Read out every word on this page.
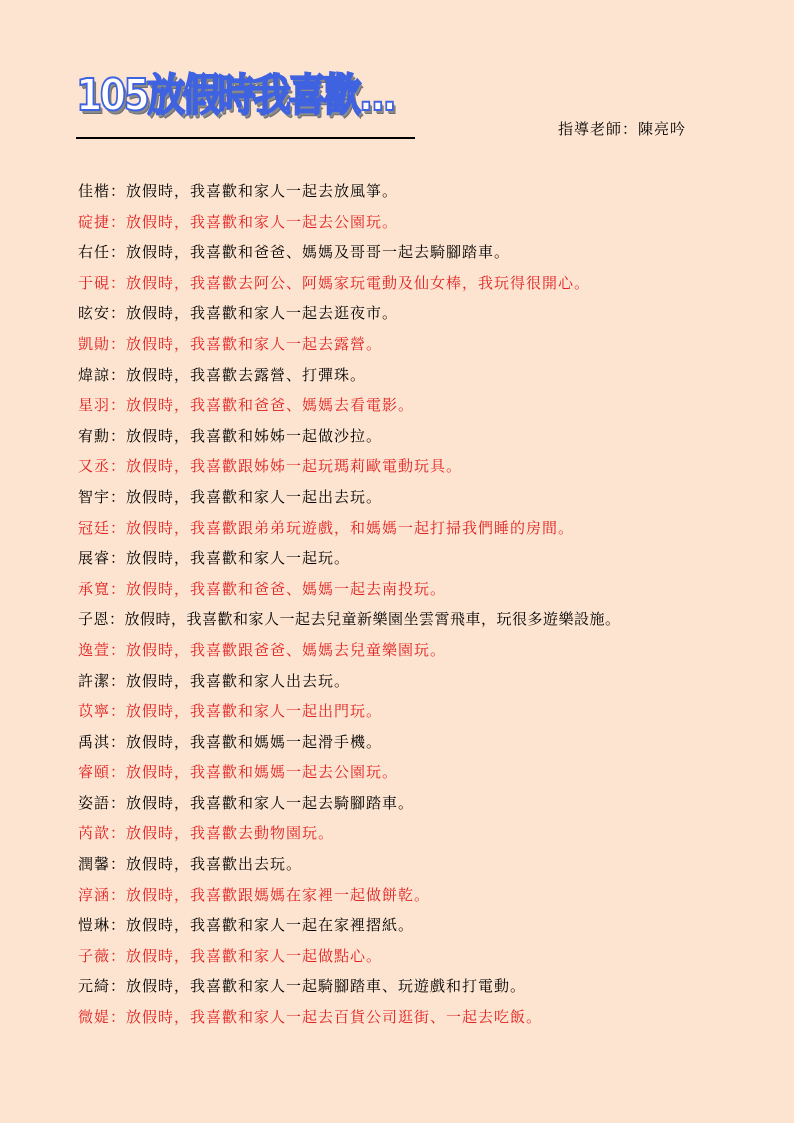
105放假時我喜歡...
指導老師：陳亮吟
佳楷：放假時，我喜歡和家人一起去放風箏。
碇捷：放假時，我喜歡和家人一起去公園玩。
右任：放假時，我喜歡和爸爸、媽媽及哥哥一起去騎腳踏車。
于硯：放假時，我喜歡去阿公、阿媽家玩電動及仙女棒，我玩得很開心。
昡安：放假時，我喜歡和家人一起去逛夜市。
凱勛：放假時，我喜歡和家人一起去露營。
煒諒：放假時，我喜歡去露營、打彈珠。
星羽：放假時，我喜歡和爸爸、媽媽去看電影。
宥勳：放假時，我喜歡和姊姊一起做沙拉。
又丞：放假時，我喜歡跟姊姊一起玩瑪莉歐電動玩具。
智宇：放假時，我喜歡和家人一起出去玩。
冠廷：放假時，我喜歡跟弟弟玩遊戲，和媽媽一起打掃我們睡的房間。
展睿：放假時，我喜歡和家人一起玩。
承寬：放假時，我喜歡和爸爸、媽媽一起去南投玩。
子恩：放假時，我喜歡和家人一起去兒童新樂園坐雲霄飛車，玩很多遊樂設施。
逸萱：放假時，我喜歡跟爸爸、媽媽去兒童樂園玩。
許潔：放假時，我喜歡和家人出去玩。
苡寧：放假時，我喜歡和家人一起出門玩。
禹淇：放假時，我喜歡和媽媽一起滑手機。
睿頤：放假時，我喜歡和媽媽一起去公園玩。
姿語：放假時，我喜歡和家人一起去騎腳踏車。
芮歆：放假時，我喜歡去動物園玩。
潤馨：放假時，我喜歡出去玩。
淳涵：放假時，我喜歡跟媽媽在家裡一起做餅乾。
愷琳：放假時，我喜歡和家人一起在家裡摺紙。
子薇：放假時，我喜歡和家人一起做點心。
元綺：放假時，我喜歡和家人一起騎腳踏車、玩遊戲和打電動。
微媞：放假時，我喜歡和家人一起去百貨公司逛街、一起去吃飯。
